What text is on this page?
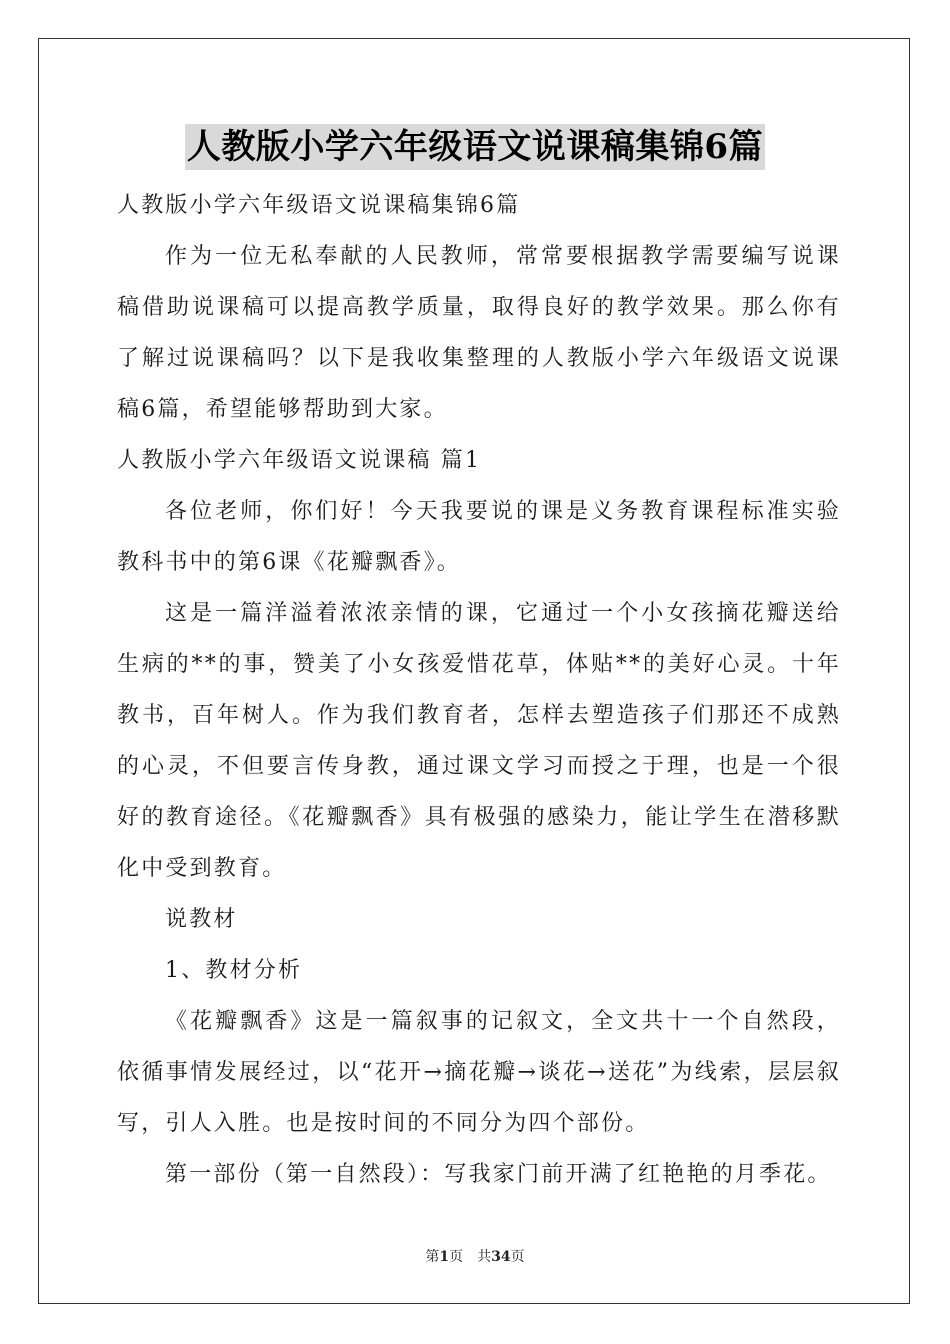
人教版小学六年级语文说课稿集锦6篇

人教版小学六年级语文说课稿集锦6篇

作为一位无私奉献的人民教师，常常要根据教学需要编写说课稿借助说课稿可以提高教学质量，取得良好的教学效果。那么你有了解过说课稿吗？以下是我收集整理的人教版小学六年级语文说课稿6篇，希望能够帮助到大家。

人教版小学六年级语文说课稿 篇1

各位老师，你们好！今天我要说的课是义务教育课程标准实验教科书中的第6课《花瓣飘香》。

这是一篇洋溢着浓浓亲情的课，它通过一个小女孩摘花瓣送给生病的**的事，赞美了小女孩爱惜花草，体贴**的美好心灵。十年教书，百年树人。作为我们教育者，怎样去塑造孩子们那还不成熟的心灵，不但要言传身教，通过课文学习而授之于理，也是一个很好的教育途径。《花瓣飘香》具有极强的感染力，能让学生在潜移默化中受到教育。

说教材

1、教材分析

《花瓣飘香》这是一篇叙事的记叙文，全文共十一个自然段，依循事情发展经过，以“花开→摘花瓣→谈花→送花”为线索，层层叙写，引人入胜。也是按时间的不同分为四个部份。

第一部份（第一自然段）：写我家门前开满了红艳艳的月季花。

第1页 共34页
